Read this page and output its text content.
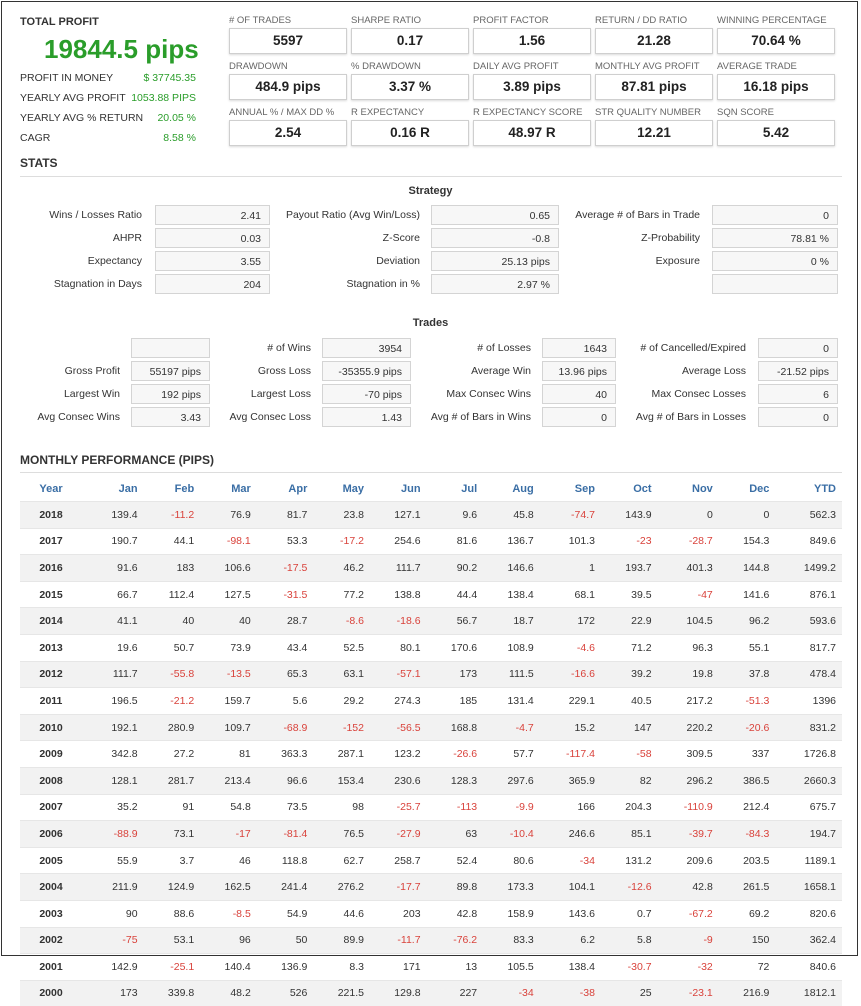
TOTAL PROFIT
19844.5 pips
PROFIT IN MONEY	$ 37745.35
YEARLY AVG PROFIT 1053.88 PIPS
YEARLY AVG % RETURN 20.05 %
CAGR	8.58 %
# OF TRADES
5597
SHARPE RATIO
0.17
PROFIT FACTOR
1.56
RETURN / DD RATIO
21.28
WINNING PERCENTAGE
70.64 %
DRAWDOWN
484.9 pips
% DRAWDOWN
3.37 %
DAILY AVG PROFIT
3.89 pips
MONTHLY AVG PROFIT
87.81 pips
AVERAGE TRADE
16.18 pips
ANNUAL % / MAX DD %
2.54
R EXPECTANCY
0.16 R
R EXPECTANCY SCORE
48.97 R
STR QUALITY NUMBER
12.21
SQN SCORE
5.42
STATS
Strategy
Wins / Losses Ratio	2.41	Payout Ratio (Avg Win/Loss)	0.65	Average # of Bars in Trade	0
AHPR	0.03	Z-Score	-0.8	Z-Probability	78.81 %
Expectancy	3.55	Deviation	25.13 pips	Exposure	0 %
Stagnation in Days	204	Stagnation in %	2.97 %
Trades
# of Wins	3954	# of Losses	1643	# of Cancelled/Expired	0
Gross Profit	55197 pips	Gross Loss	-35355.9 pips	Average Win	13.96 pips	Average Loss	-21.52 pips
Largest Win	192 pips	Largest Loss	-70 pips	Max Consec Wins	40	Max Consec Losses	6
Avg Consec Wins	3.43	Avg Consec Loss	1.43	Avg # of Bars in Wins	0	Avg # of Bars in Losses	0
MONTHLY PERFORMANCE (PIPS)
Year	Jan	Feb	Mar	Apr	May	Jun	Jul	Aug	Sep	Oct	Nov	Dec	YTD
2018	139.4	-11.2	76.9	81.7	23.8	127.1	9.6	45.8	-74.7	143.9	0	0	562.3
2017	190.7	44.1	-98.1	53.3	-17.2	254.6	81.6	136.7	101.3	-23	-28.7	154.3	849.6
2016	91.6	183	106.6	-17.5	46.2	111.7	90.2	146.6	1	193.7	401.3	144.8	1499.2
2015	66.7	112.4	127.5	-31.5	77.2	138.8	44.4	138.4	68.1	39.5	-47	141.6	876.1
2014	41.1	40	40	28.7	-8.6	-18.6	56.7	18.7	172	22.9	104.5	96.2	593.6
2013	19.6	50.7	73.9	43.4	52.5	80.1	170.6	108.9	-4.6	71.2	96.3	55.1	817.7
2012	111.7	-55.8	-13.5	65.3	63.1	-57.1	173	111.5	-16.6	39.2	19.8	37.8	478.4
2011	196.5	-21.2	159.7	5.6	29.2	274.3	185	131.4	229.1	40.5	217.2	-51.3	1396
2010	192.1	280.9	109.7	-68.9	-152	-56.5	168.8	-4.7	15.2	147	220.2	-20.6	831.2
2009	342.8	27.2	81	363.3	287.1	123.2	-26.6	57.7	-117.4	-58	309.5	337	1726.8
2008	128.1	281.7	213.4	96.6	153.4	230.6	128.3	297.6	365.9	82	296.2	386.5	2660.3
2007	35.2	91	54.8	73.5	98	-25.7	-113	-9.9	166	204.3	-110.9	212.4	675.7
2006	-88.9	73.1	-17	-81.4	76.5	-27.9	63	-10.4	246.6	85.1	-39.7	-84.3	194.7
2005	55.9	3.7	46	118.8	62.7	258.7	52.4	80.6	-34	131.2	209.6	203.5	1189.1
2004	211.9	124.9	162.5	241.4	276.2	-17.7	89.8	173.3	104.1	-12.6	42.8	261.5	1658.1
2003	90	88.6	-8.5	54.9	44.6	203	42.8	158.9	143.6	0.7	-67.2	69.2	820.6
2002	-75	53.1	96	50	89.9	-11.7	-76.2	83.3	6.2	5.8	-9	150	362.4
2001	142.9	-25.1	140.4	136.9	8.3	171	13	105.5	138.4	-30.7	-32	72	840.6
2000	173	339.8	48.2	526	221.5	129.8	227	-34	-38	25	-23.1	216.9	1812.1
